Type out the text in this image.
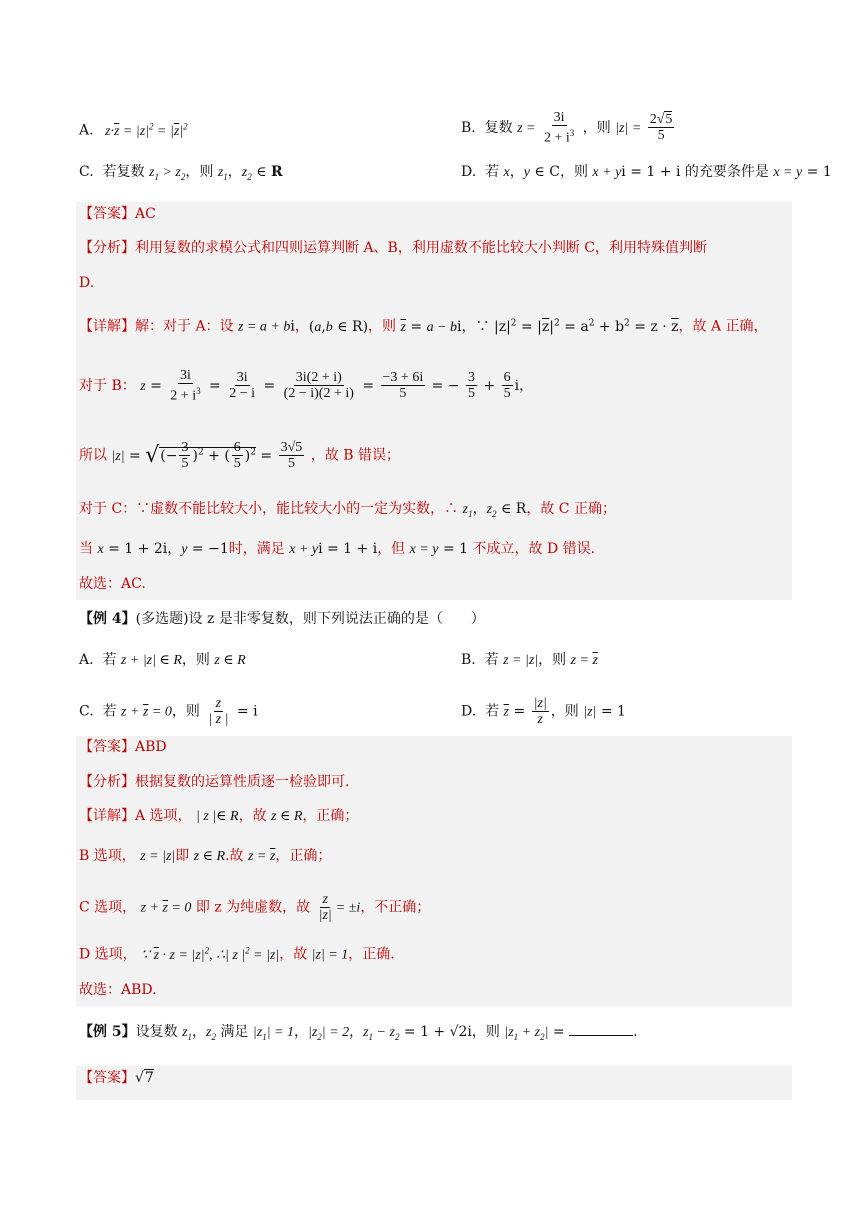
A.   $z\cdot\overline{z} = |z|^2 = |\overline{z}|^2$	B. 复数 $z = \frac{3i}{2 + i^3}$ ，则 $|z| = \frac{2√5}{5}$
C. 若复数 $z_1 > z_2$，则 $z_1$，$z_2$ ∈ R	D. 若 x，y ∈ C，则 x + yi = 1 + i 的充要条件是 x = y = 1
【答案】AC
【分析】利用复数的求模公式和四则运算判断 A、B，利用虚数不能比较大小判断 C，利用特殊值判断
D.
【详解】解：对于 A：设 z = a + bi，(a,b ∈ R)，则 $\overline{z} = a$ − bi，∵ $|z|^2 = |\overline{z}|^2 = a^2 + b^2 = z \cdot \overline{z}$，故 A 正确，
对于 B： $z = \frac{3i}{2 + i^3} = \frac{3i}{2 - i} = \frac{3i(2 + i)}{(2 - i)(2 + i)} = \frac{-3 + 6i}{5}$ = − $\frac{3}{5} + \frac{6}{5}$ i，
所以 |z| = √(− $\frac{3}{5} )^2$ + ( $\frac{6}{5} )^2 = \frac{3√5}{5}$ ，故 B 错误；
对于 C：∵虚数不能比较大小，能比较大小的一定为实数，∴ $z_1$，$z_2$ ∈ R，故 C 正确；
当 x = 1 + 2i，y = −1时，满足 x + yi = 1 + i，但 x = y = 1 不成立，故 D 错误.
故选：AC.
【例 4】(多选题)设 z 是非零复数，则下列说法正确的是（　　）
A. 若 z + |z| ∈ R，则 z ∈ R	B. 若 z = |z|，则 $z = \overline{z}$
C. 若 $z + \overline{z} = 0$，则 $\frac{z}{| z |} = i$	D. 若 $\overline{z} = \frac{|z|}{z}$ ，则 |z| = 1
【答案】ABD
【分析】根据复数的运算性质逐一检验即可.
【详解】A 选项， | z |∈ R，故 z ∈ R，正确；
B 选项， z = |z|即 z ∈ R.故 $z = \overline{z}$，正确；
C 选项， $z + \overline{z} = 0$ 即 z 为纯虚数，故 $\frac{z}{|z|} = \pm i$，不正确；
D 选项， ∵ $\overline{z} \cdot z = |z|^2$, ∴| z $|^2 = |z|$，故 |z| = 1，正确.
故选：ABD.
【例 5】设复数 $z_1$，$z_2$ 满足 $|z_1| = 1$，$|z_2| = 2$，$z_1 - z_2 = 1 + √2i$，则 $|z_1 + z_2|$ =	.
【答案】√7
